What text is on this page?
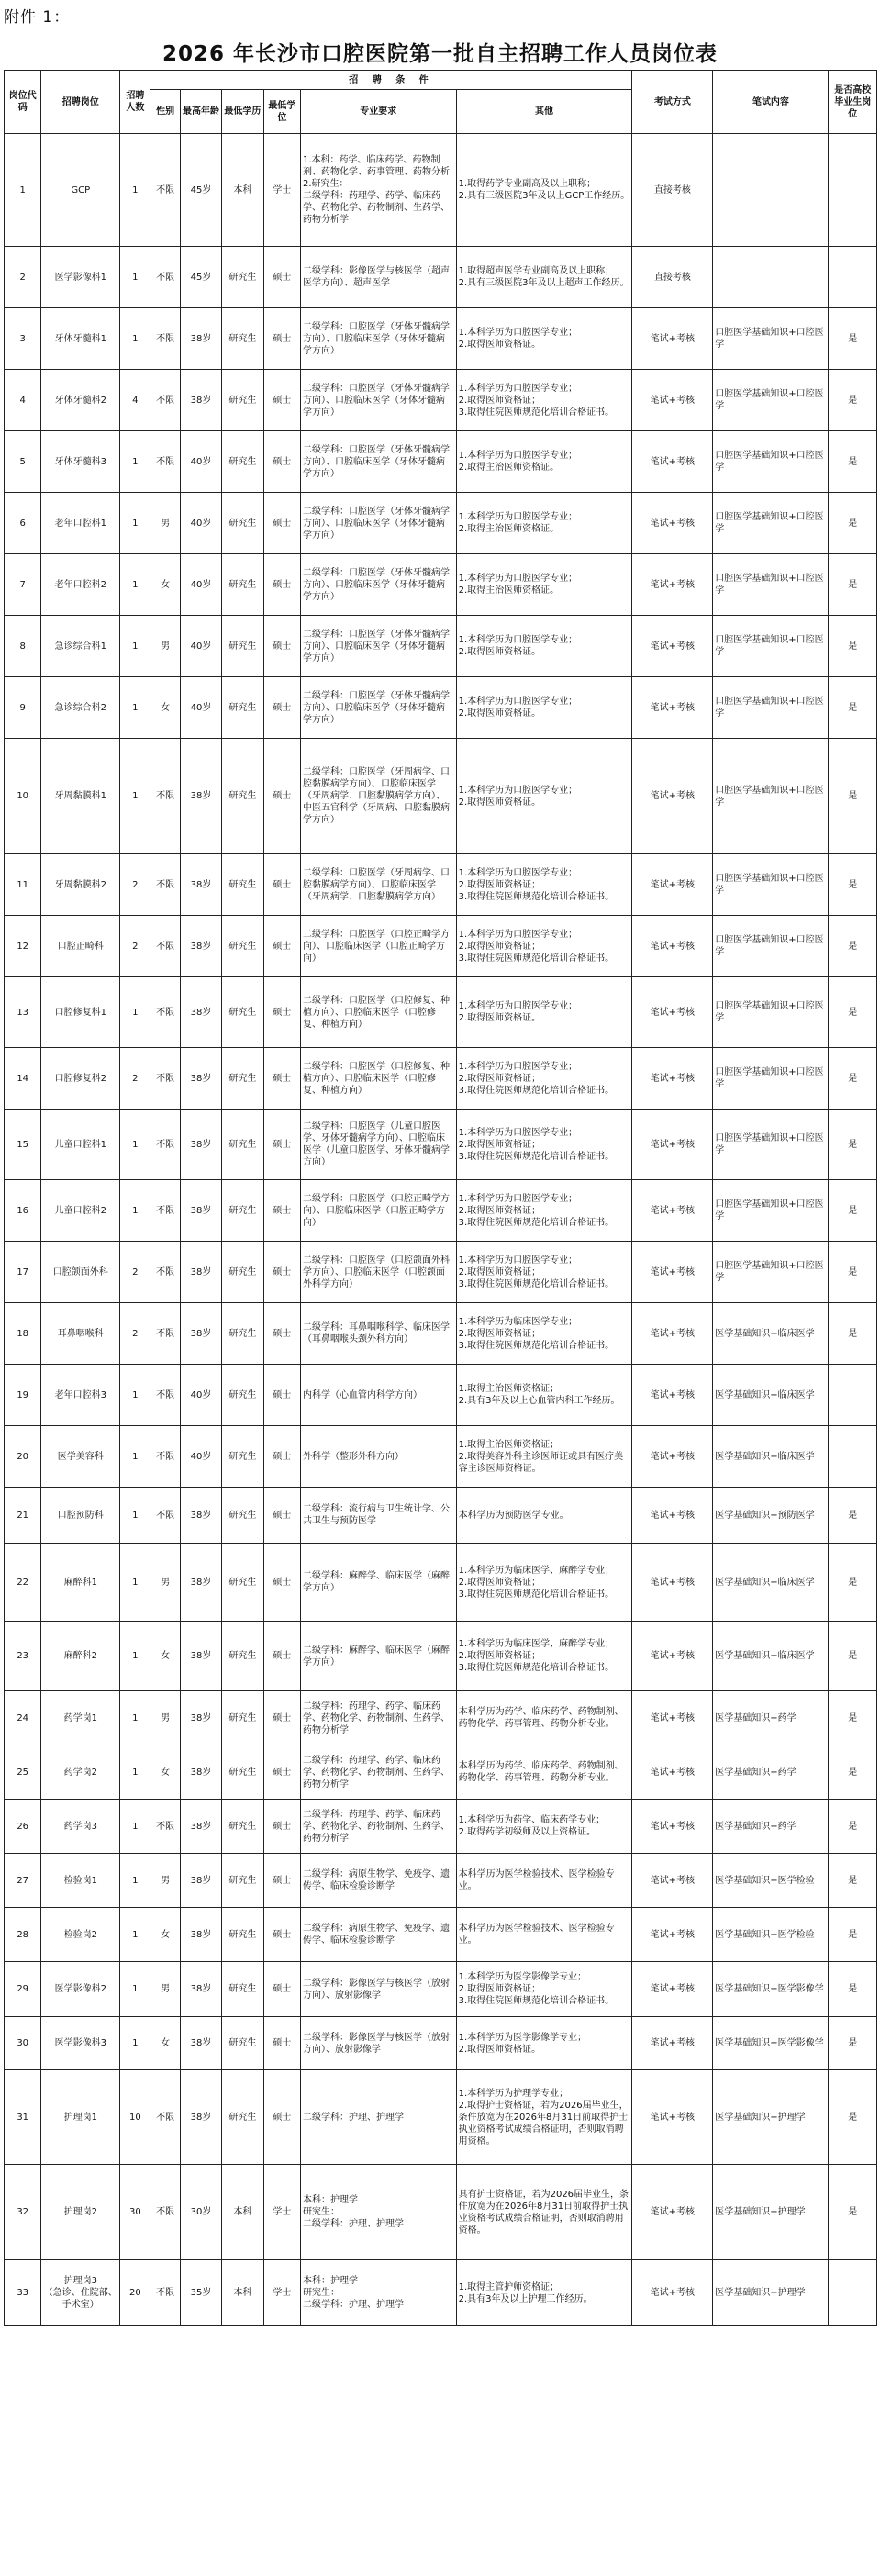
附件 1：
2026 年长沙市口腔医院第一批自主招聘工作人员岗位表
岗位代码	招聘岗位	招聘人数	招 聘 条 件						考试方式	笔试内容	是否高校毕业生岗位
			性别	最高年龄	最低学历	最低学位	专业要求	其他			
1	GCP	1	不限	45岁	本科	学士	1.本科：药学、临床药学、药物制剂、药物化学、药事管理、药物分析
2.研究生：
二级学科：药理学、药学、临床药学、药物化学、药物制剂、生药学、药物分析学	1.取得药学专业副高及以上职称；
2.具有三级医院3年及以上GCP工作经历。	直接考核		
2	医学影像科1	1	不限	45岁	研究生	硕士	二级学科：影像医学与核医学（超声医学方向）、超声医学	1.取得超声医学专业副高及以上职称；
2.具有三级医院3年及以上超声工作经历。	直接考核		
3	牙体牙髓科1	1	不限	38岁	研究生	硕士	二级学科：口腔医学（牙体牙髓病学方向）、口腔临床医学（牙体牙髓病学方向）	1.本科学历为口腔医学专业；
2.取得医师资格证。	笔试+考核	口腔医学基础知识+口腔医学	是
4	牙体牙髓科2	4	不限	38岁	研究生	硕士	二级学科：口腔医学（牙体牙髓病学方向）、口腔临床医学（牙体牙髓病学方向）	1.本科学历为口腔医学专业；
2.取得医师资格证；
3.取得住院医师规范化培训合格证书。	笔试+考核	口腔医学基础知识+口腔医学	是
5	牙体牙髓科3	1	不限	40岁	研究生	硕士	二级学科：口腔医学（牙体牙髓病学方向）、口腔临床医学（牙体牙髓病学方向）	1.本科学历为口腔医学专业；
2.取得主治医师资格证。	笔试+考核	口腔医学基础知识+口腔医学	是
6	老年口腔科1	1	男	40岁	研究生	硕士	二级学科：口腔医学（牙体牙髓病学方向）、口腔临床医学（牙体牙髓病学方向）	1.本科学历为口腔医学专业；
2.取得主治医师资格证。	笔试+考核	口腔医学基础知识+口腔医学	是
7	老年口腔科2	1	女	40岁	研究生	硕士	二级学科：口腔医学（牙体牙髓病学方向）、口腔临床医学（牙体牙髓病学方向）	1.本科学历为口腔医学专业；
2.取得主治医师资格证。	笔试+考核	口腔医学基础知识+口腔医学	是
8	急诊综合科1	1	男	40岁	研究生	硕士	二级学科：口腔医学（牙体牙髓病学方向）、口腔临床医学（牙体牙髓病学方向）	1.本科学历为口腔医学专业；
2.取得医师资格证。	笔试+考核	口腔医学基础知识+口腔医学	是
9	急诊综合科2	1	女	40岁	研究生	硕士	二级学科：口腔医学（牙体牙髓病学方向）、口腔临床医学（牙体牙髓病学方向）	1.本科学历为口腔医学专业；
2.取得医师资格证。	笔试+考核	口腔医学基础知识+口腔医学	是
10	牙周黏膜科1	1	不限	38岁	研究生	硕士	二级学科：口腔医学（牙周病学、口腔黏膜病学方向）、口腔临床医学（牙周病学、口腔黏膜病学方向）、中医五官科学（牙周病、口腔黏膜病学方向）	1.本科学历为口腔医学专业；
2.取得医师资格证。	笔试+考核	口腔医学基础知识+口腔医学	是
11	牙周黏膜科2	2	不限	38岁	研究生	硕士	二级学科：口腔医学（牙周病学、口腔黏膜病学方向）、口腔临床医学（牙周病学、口腔黏膜病学方向）	1.本科学历为口腔医学专业；
2.取得医师资格证；
3.取得住院医师规范化培训合格证书。	笔试+考核	口腔医学基础知识+口腔医学	是
12	口腔正畸科	2	不限	38岁	研究生	硕士	二级学科：口腔医学（口腔正畸学方向）、口腔临床医学（口腔正畸学方向）	1.本科学历为口腔医学专业；
2.取得医师资格证；
3.取得住院医师规范化培训合格证书。	笔试+考核	口腔医学基础知识+口腔医学	是
13	口腔修复科1	1	不限	38岁	研究生	硕士	二级学科：口腔医学（口腔修复、种植方向）、口腔临床医学（口腔修复、种植方向）	1.本科学历为口腔医学专业；
2.取得医师资格证。	笔试+考核	口腔医学基础知识+口腔医学	是
14	口腔修复科2	2	不限	38岁	研究生	硕士	二级学科：口腔医学（口腔修复、种植方向）、口腔临床医学（口腔修复、种植方向）	1.本科学历为口腔医学专业；
2.取得医师资格证；
3.取得住院医师规范化培训合格证书。	笔试+考核	口腔医学基础知识+口腔医学	是
15	儿童口腔科1	1	不限	38岁	研究生	硕士	二级学科：口腔医学（儿童口腔医学、牙体牙髓病学方向）、口腔临床医学（儿童口腔医学、牙体牙髓病学方向）	1.本科学历为口腔医学专业；
2.取得医师资格证；
3.取得住院医师规范化培训合格证书。	笔试+考核	口腔医学基础知识+口腔医学	是
16	儿童口腔科2	1	不限	38岁	研究生	硕士	二级学科：口腔医学（口腔正畸学方向）、口腔临床医学（口腔正畸学方向）	1.本科学历为口腔医学专业；
2.取得医师资格证；
3.取得住院医师规范化培训合格证书。	笔试+考核	口腔医学基础知识+口腔医学	是
17	口腔颌面外科	2	不限	38岁	研究生	硕士	二级学科：口腔医学（口腔颌面外科学方向）、口腔临床医学（口腔颌面外科学方向）	1.本科学历为口腔医学专业；
2.取得医师资格证；
3.取得住院医师规范化培训合格证书。	笔试+考核	口腔医学基础知识+口腔医学	是
18	耳鼻咽喉科	2	不限	38岁	研究生	硕士	二级学科：耳鼻咽喉科学、临床医学（耳鼻咽喉头颈外科方向）	1.本科学历为临床医学专业；
2.取得医师资格证；
3.取得住院医师规范化培训合格证书。	笔试+考核	医学基础知识+临床医学	是
19	老年口腔科3	1	不限	40岁	研究生	硕士	内科学（心血管内科学方向）	1.取得主治医师资格证；
2.具有3年及以上心血管内科工作经历。	笔试+考核	医学基础知识+临床医学	
20	医学美容科	1	不限	40岁	研究生	硕士	外科学（整形外科方向）	1.取得主治医师资格证；
2.取得美容外科主诊医师证或具有医疗美容主诊医师资格证。	笔试+考核	医学基础知识+临床医学	
21	口腔预防科	1	不限	38岁	研究生	硕士	二级学科：流行病与卫生统计学、公共卫生与预防医学	本科学历为预防医学专业。	笔试+考核	医学基础知识+预防医学	是
22	麻醉科1	1	男	38岁	研究生	硕士	二级学科：麻醉学、临床医学（麻醉学方向）	1.本科学历为临床医学、麻醉学专业；
2.取得医师资格证；
3.取得住院医师规范化培训合格证书。	笔试+考核	医学基础知识+临床医学	是
23	麻醉科2	1	女	38岁	研究生	硕士	二级学科：麻醉学、临床医学（麻醉学方向）	1.本科学历为临床医学、麻醉学专业；
2.取得医师资格证；
3.取得住院医师规范化培训合格证书。	笔试+考核	医学基础知识+临床医学	是
24	药学岗1	1	男	38岁	研究生	硕士	二级学科：药理学、药学、临床药学、药物化学、药物制剂、生药学、药物分析学	本科学历为药学、临床药学、药物制剂、药物化学、药事管理、药物分析专业。	笔试+考核	医学基础知识+药学	是
25	药学岗2	1	女	38岁	研究生	硕士	二级学科：药理学、药学、临床药学、药物化学、药物制剂、生药学、药物分析学	本科学历为药学、临床药学、药物制剂、药物化学、药事管理、药物分析专业。	笔试+考核	医学基础知识+药学	是
26	药学岗3	1	不限	38岁	研究生	硕士	二级学科：药理学、药学、临床药学、药物化学、药物制剂、生药学、药物分析学	1.本科学历为药学、临床药学专业；
2.取得药学初级师及以上资格证。	笔试+考核	医学基础知识+药学	是
27	检验岗1	1	男	38岁	研究生	硕士	二级学科：病原生物学、免疫学、遗传学、临床检验诊断学	本科学历为医学检验技术、医学检验专业。	笔试+考核	医学基础知识+医学检验	是
28	检验岗2	1	女	38岁	研究生	硕士	二级学科：病原生物学、免疫学、遗传学、临床检验诊断学	本科学历为医学检验技术、医学检验专业。	笔试+考核	医学基础知识+医学检验	是
29	医学影像科2	1	男	38岁	研究生	硕士	二级学科：影像医学与核医学（放射方向）、放射影像学	1.本科学历为医学影像学专业；
2.取得医师资格证；
3.取得住院医师规范化培训合格证书。	笔试+考核	医学基础知识+医学影像学	是
30	医学影像科3	1	女	38岁	研究生	硕士	二级学科：影像医学与核医学（放射方向）、放射影像学	1.本科学历为医学影像学专业；
2.取得医师资格证。	笔试+考核	医学基础知识+医学影像学	是
31	护理岗1	10	不限	38岁	研究生	硕士	二级学科：护理、护理学	1.本科学历为护理学专业；
2.取得护士资格证，若为2026届毕业生，条件放宽为在2026年8月31日前取得护士执业资格考试成绩合格证明，否则取消聘用资格。	笔试+考核	医学基础知识+护理学	是
32	护理岗2	30	不限	30岁	本科	学士	本科：护理学
研究生：
二级学科：护理、护理学	具有护士资格证，若为2026届毕业生，条件放宽为在2026年8月31日前取得护士执业资格考试成绩合格证明，否则取消聘用资格。	笔试+考核	医学基础知识+护理学	是
33	护理岗3
（急诊、住院部、手术室）	20	不限	35岁	本科	学士	本科：护理学
研究生：
二级学科：护理、护理学	1.取得主管护师资格证；
2.具有3年及以上护理工作经历。	笔试+考核	医学基础知识+护理学	
